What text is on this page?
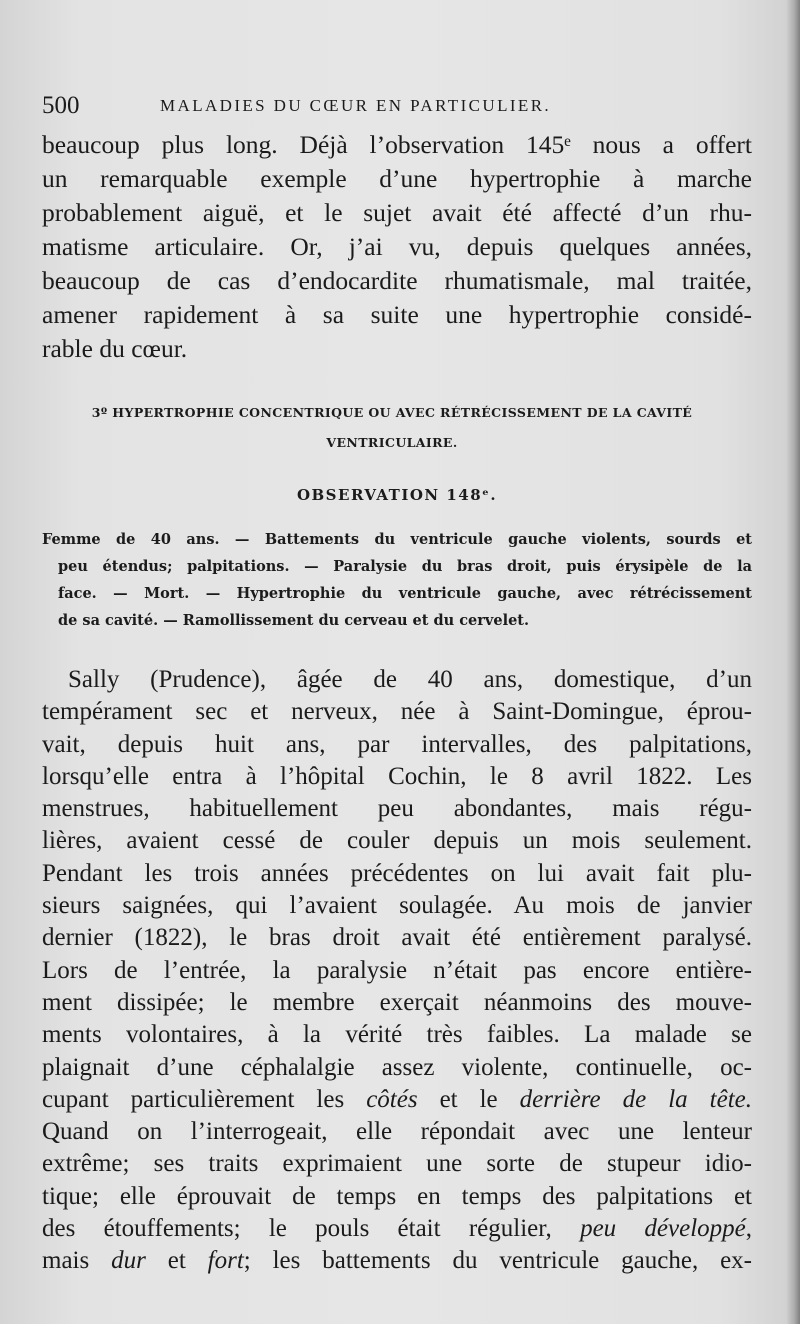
500	MALADIES DU CŒUR EN PARTICULIER.
beaucoup plus long. Déjà l’observation 145ᵉ nous a offert
un remarquable exemple d’une hypertrophie à marche
probablement aiguë, et le sujet avait été affecté d’un rhu-
matisme articulaire. Or, j’ai vu, depuis quelques années,
beaucoup de cas d’endocardite rhumatismale, mal traitée,
amener rapidement à sa suite une hypertrophie considé-
rable du cœur.
3º HYPERTROPHIE CONCENTRIQUE OU AVEC RÉTRÉCISSEMENT DE LA CAVITÉ
VENTRICULAIRE.
OBSERVATION 148ᵉ.
Femme de 40 ans. — Battements du ventricule gauche violents, sourds et
peu étendus; palpitations. — Paralysie du bras droit, puis érysipèle de la
face. — Mort. — Hypertrophie du ventricule gauche, avec rétrécissement
de sa cavité. — Ramollissement du cerveau et du cervelet.
Sally (Prudence), âgée de 40 ans, domestique, d’un
tempérament sec et nerveux, née à Saint-Domingue, éprou-
vait, depuis huit ans, par intervalles, des palpitations,
lorsqu’elle entra à l’hôpital Cochin, le 8 avril 1822. Les
menstrues, habituellement peu abondantes, mais régu-
lières, avaient cessé de couler depuis un mois seulement.
Pendant les trois années précédentes on lui avait fait plu-
sieurs saignées, qui l’avaient soulagée. Au mois de janvier
dernier (1822), le bras droit avait été entièrement paralysé.
Lors de l’entrée, la paralysie n’était pas encore entière-
ment dissipée; le membre exerçait néanmoins des mouve-
ments volontaires, à la vérité très faibles. La malade se
plaignait d’une céphalalgie assez violente, continuelle, oc-
cupant particulièrement les côtés et le derrière de la tête.
Quand on l’interrogeait, elle répondait avec une lenteur
extrême; ses traits exprimaient une sorte de stupeur idio-
tique; elle éprouvait de temps en temps des palpitations et
des étouffements; le pouls était régulier, peu développé,
mais dur et fort; les battements du ventricule gauche, ex-
